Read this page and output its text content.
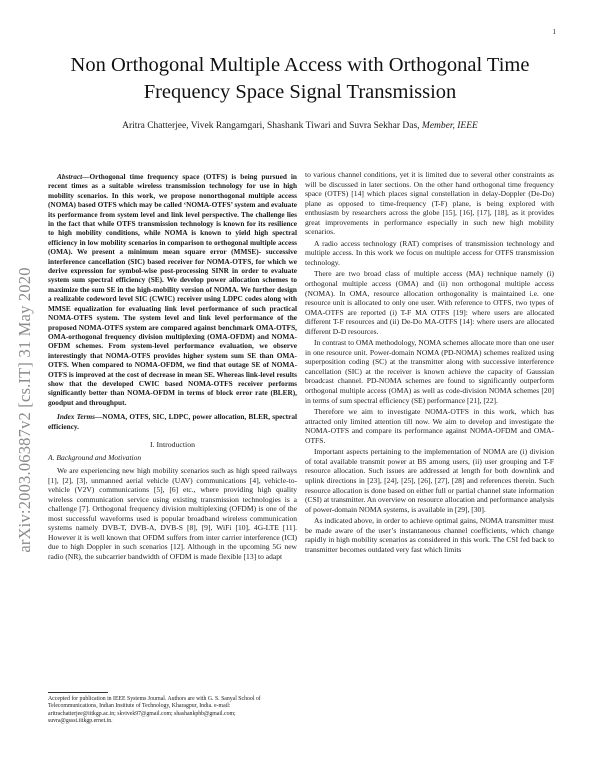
1
arXiv:2003.06387v2 [cs.IT] 31 May 2020
Non Orthogonal Multiple Access with Orthogonal Time Frequency Space Signal Transmission
Aritra Chatterjee, Vivek Rangamgari, Shashank Tiwari and Suvra Sekhar Das, Member, IEEE

Abstract—Orthogonal time frequency space (OTFS) is being pursued in recent times as a suitable wireless transmission technology for use in high mobility scenarios. In this work, we propose nonorthogonal multiple access (NOMA) based OTFS which may be called ‘NOMA-OTFS’ system and evaluate its performance from system level and link level perspective. The challenge lies in the fact that while OTFS transmission technology is known for its resilience to high mobility conditions, while NOMA is known to yield high spectral efficiency in low mobility scenarios in comparison to orthogonal multiple access (OMA). We present a minimum mean square error (MMSE)- successive interference cancellation (SIC) based receiver for NOMA-OTFS, for which we derive expression for symbol-wise post-processing SINR in order to evaluate system sum spectral efficiency (SE). We develop power allocation schemes to maximize the sum SE in the high-mobility version of NOMA. We further design a realizable codeword level SIC (CWIC) receiver using LDPC codes along with MMSE equalization for evaluating link level performance of such practical NOMA-OTFS system. The system level and link level performance of the proposed NOMA-OTFS system are compared against benchmark OMA-OTFS, OMA-orthogonal frequency division multiplexing (OMA-OFDM) and NOMA-OFDM schemes. From system-level performance evaluation, we observe interestingly that NOMA-OTFS provides higher system sum SE than OMA-OTFS. When compared to NOMA-OFDM, we find that outage SE of NOMA-OTFS is improved at the cost of decrease in mean SE. Whereas link-level results show that the developed CWIC based NOMA-OTFS receiver performs significantly better than NOMA-OFDM in terms of block error rate (BLER), goodput and throughput.

Index Terms—NOMA, OTFS, SIC, LDPC, power allocation, BLER, spectral efficiency.

I. Introduction
A. Background and Motivation

We are experiencing new high mobility scenarios such as high speed railways [1], [2], [3], unmanned aerial vehicle (UAV) communications [4], vehicle-to-vehicle (V2V) communications [5], [6] etc., where providing high quality wireless communication service using existing transmission technologies is a challenge [7]. Orthogonal frequency division multiplexing (OFDM) is one of the most successful waveforms used is popular broadband wireless communication systems namely DVB-T, DVB-A, DVB-S [8], [9], WiFi [10], 4G-LTE [11]. However it is well known that OFDM suffers from inter carrier interference (ICI) due to high Doppler in such scenarios [12]. Although in the upcoming 5G new radio (NR), the subcarrier bandwidth of OFDM is made flexible [13] to adapt

Accepted for publication in IEEE Systems Journal. Authors are with G. S. Sanyal School of Telecommunications, Indian Institute of Technology, Kharagpur, India. e-mail: aritrachatterjee@iitkgp.ac.in; skvivek97@gmail.com; shashankphb@gmail.com; suvra@gssst.iitkgp.ernet.in.

to various channel conditions, yet it is limited due to several other constraints as will be discussed in later sections. On the other hand orthogonal time frequency space (OTFS) [14] which places signal constellation in delay-Doppler (De-Do) plane as opposed to time-frequency (T-F) plane, is being explored with enthusiasm by researchers across the globe [15], [16], [17], [18], as it provides great improvements in performance especially in such new high mobility scenarios.

A radio access technology (RAT) comprises of transmission technology and multiple access. In this work we focus on multiple access for OTFS transmission technology.

There are two broad class of multiple access (MA) technique namely (i) orthogonal multiple access (OMA) and (ii) non orthogonal multiple access (NOMA). In OMA, resource allocation orthogonality is maintained i.e. one resource unit is allocated to only one user. With reference to OTFS, two types of OMA-OTFS are reported (i) T-F MA OTFS [19]: where users are allocated different T-F resources and (ii) De-Do MA-OTFS [14]: where users are allocated different D-D resources.

In contrast to OMA methodology, NOMA schemes allocate more than one user in one resource unit. Power-domain NOMA (PD-NOMA) schemes realized using superposition coding (SC) at the transmitter along with successive interference cancellation (SIC) at the receiver is known achieve the capacity of Gaussian broadcast channel. PD-NOMA schemes are found to significantly outperform orthogonal multiple access (OMA) as well as code-division NOMA schemes [20] in terms of sum spectral efficiency (SE) performance [21], [22].

Therefore we aim to investigate NOMA-OTFS in this work, which has attracted only limited attention till now. We aim to develop and investigate the NOMA-OTFS and compare its performance against NOMA-OFDM and OMA-OTFS.

Important aspects pertaining to the implementation of NOMA are (i) division of total available transmit power at BS among users, (ii) user grouping and T-F resource allocation. Such issues are addressed at length for both downlink and uplink directions in [23], [24], [25], [26], [27], [28] and references therein. Such resource allocation is done based on either full or partial channel state information (CSI) at transmitter. An overview on resource allocation and performance analysis of power-domain NOMA systems, is available in [29], [30].

As indicated above, in order to achieve optimal gains, NOMA transmitter must be made aware of the user’s instantaneous channel coefficients, which change rapidly in high mobility scenarios as considered in this work. The CSI fed back to transmitter becomes outdated very fast which limits
